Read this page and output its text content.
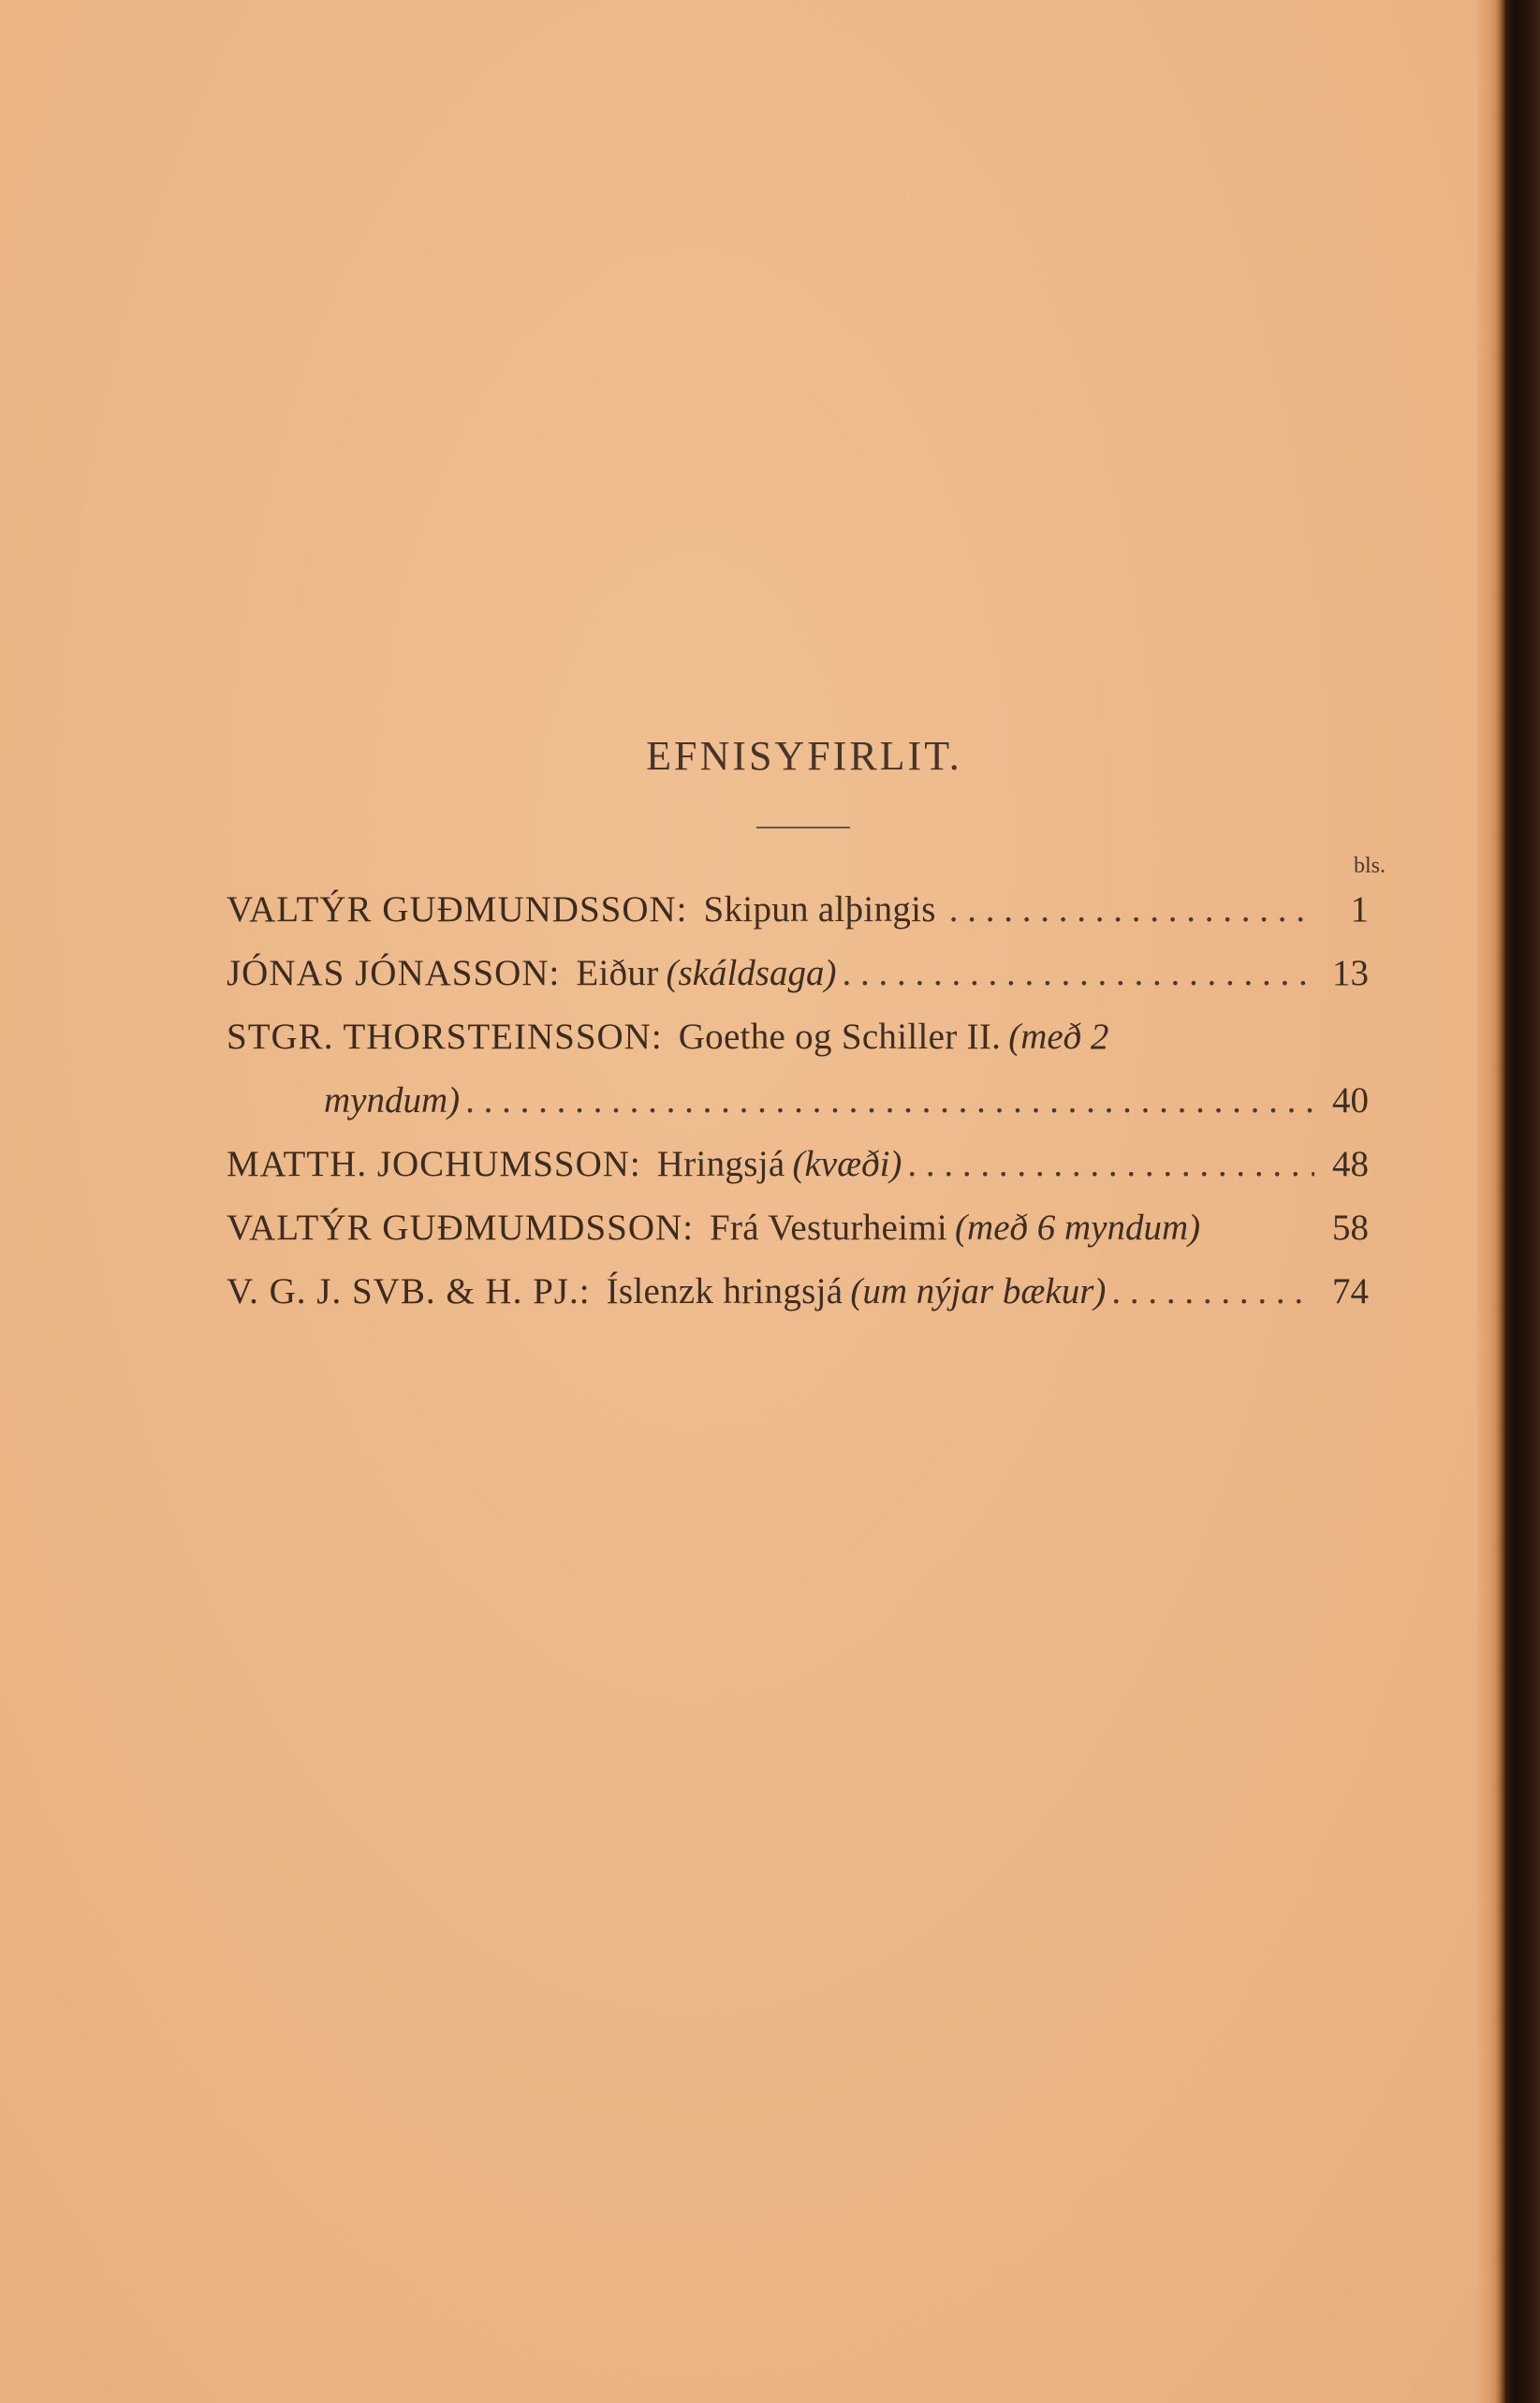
EFNISYFIRLIT.
bls.
VALTÝR GUÐMUNDSSON : Skipun alþingis . . .	1
JÓNAS JÓNASSON : Eiður (skáldsaga) . . .	13
STGR. THORSTEINSSON : Goethe og Schiller II. (með 2
myndum) . . .	40
MATTH. JOCHUMSSON : Hringsjá (kvæði) . . .	48
VALTÝR GUÐMUMDSSON : Frá Vesturheimi (með 6 myndum)	58
V. G. J. SVB. & H. PJ. : Íslenzk hringsjá (um nýjar bækur) . . .	74
